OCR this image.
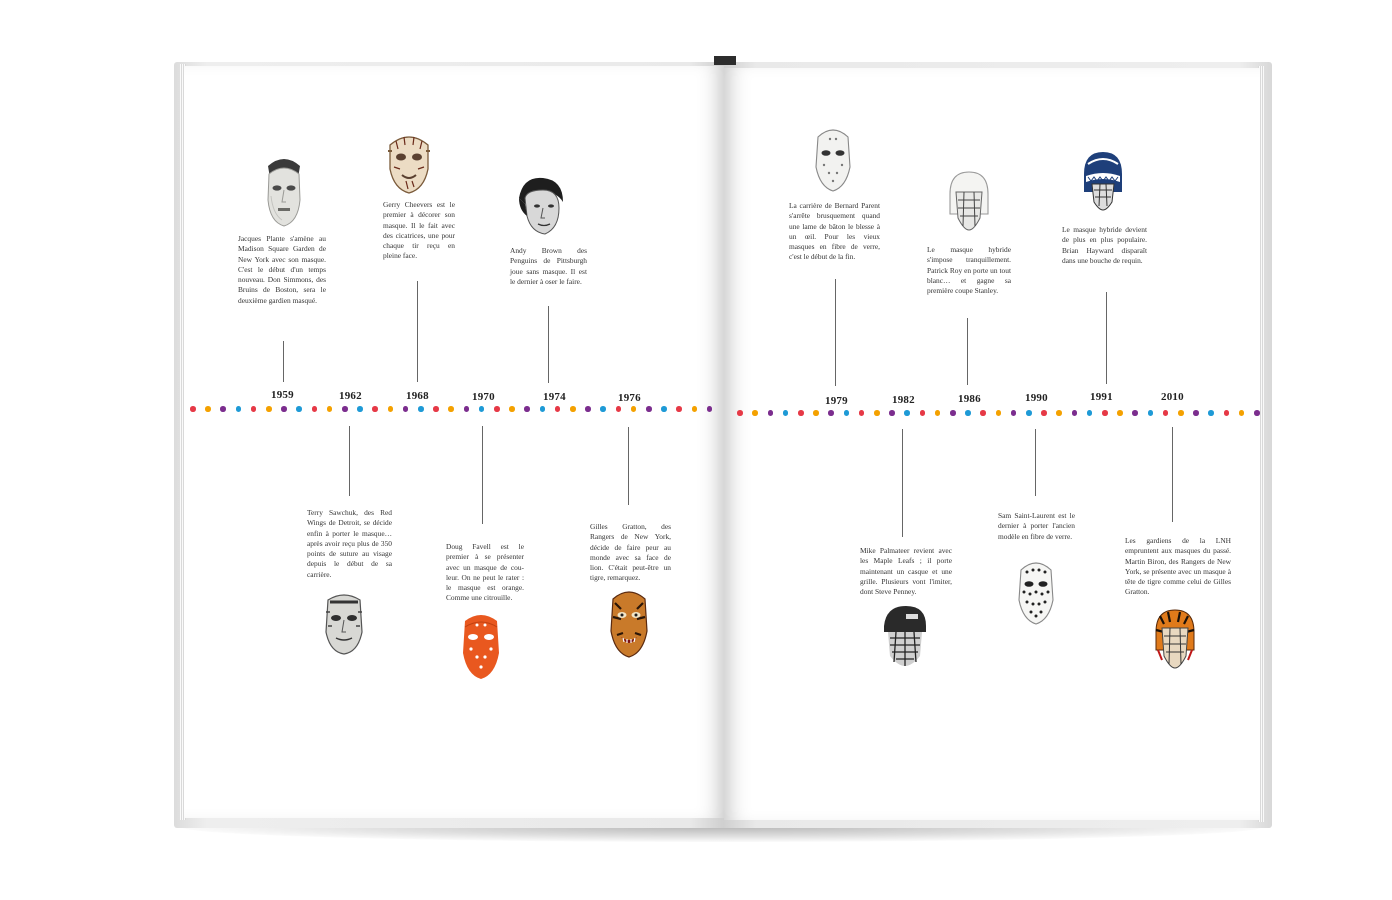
1959	1962	1968	1970	1974	1976	1979	1982	1986	1990	1991	2010
Jacques Plante s'amène au Madison Square Garden de New York avec son masque. C'est le début d'un temps nouveau. Don Simmons, des Bruins de Boston, sera le deuxième gardien masqué.
Terry Sawchuk, des Red Wings de Detroit, se décide enfin à porter le masque… après avoir reçu plus de 350 points de suture au visage depuis le début de sa carrière.
Gerry Cheevers est le premier à décorer son masque. Il le fait avec des cicatrices, une pour chaque tir reçu en pleine face.
Doug Favell est le premier à se présenter avec un masque de couleur. On ne peut le rater : le masque est orange. Comme une citrouille.
Andy Brown des Penguins de Pittsburgh joue sans masque. Il est le dernier à oser le faire.
Gilles Gratton, des Rangers de New York, décide de faire peur au monde avec sa face de lion. C'était peut-être un tigre, remarquez.
La carrière de Bernard Parent s'arrête brusquement quand une lame de bâton le blesse à un œil. Pour les vieux masques en fibre de verre, c'est le début de la fin.
Mike Palmateer revient avec les Maple Leafs ; il porte maintenant un casque et une grille. Plusieurs vont l'imiter, dont Steve Penney.
Le masque hybride s'impose tranquillement. Patrick Roy en porte un tout blanc… et gagne sa première coupe Stanley.
Sam Saint-Laurent est le dernier à porter l'ancien modèle en fibre de verre.
Le masque hybride devient de plus en plus populaire. Brian Hayward disparaît dans une bouche de requin.
Les gardiens de la LNH empruntent aux masques du passé. Martin Biron, des Rangers de New York, se présente avec un masque à tête de tigre comme celui de Gilles Gratton.
